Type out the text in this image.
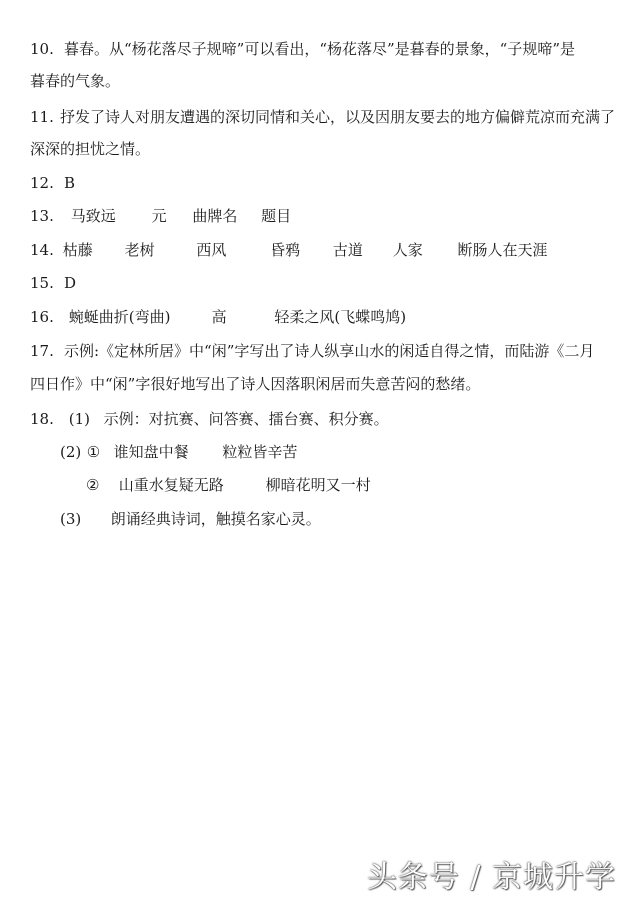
10. 暮春。从“杨花落尽子规啼”可以看出，“杨花落尽”是暮春的景象，“子规啼”是
暮春的气象。
11. 抒发了诗人对朋友遭遇的深切同情和关心，以及因朋友要去的地方偏僻荒凉而充满了
深深的担忧之情。
12. B
13. 马致远 元 曲牌名 题目
14. 枯藤 老树	西风	昏鸦 古道 人家 断肠人在天涯
15. D
16. 蜿蜒曲折(弯曲)	高	轻柔之风(飞蝶鸣鸠)
17. 示例:《定林所居》中“闲”字写出了诗人纵享山水的闲适自得之情，而陆游《二月
四日作》中“闲”字很好地写出了诗人因落职闲居而失意苦闷的愁绪。
18. (1) 示例：对抗赛、问答赛、擂台赛、积分赛。
(2) ① 谁知盘中餐 粒粒皆辛苦
② 山重水复疑无路	柳暗花明又一村
(3) 朗诵经典诗词，触摸名家心灵。
头条号 / 京城升学
